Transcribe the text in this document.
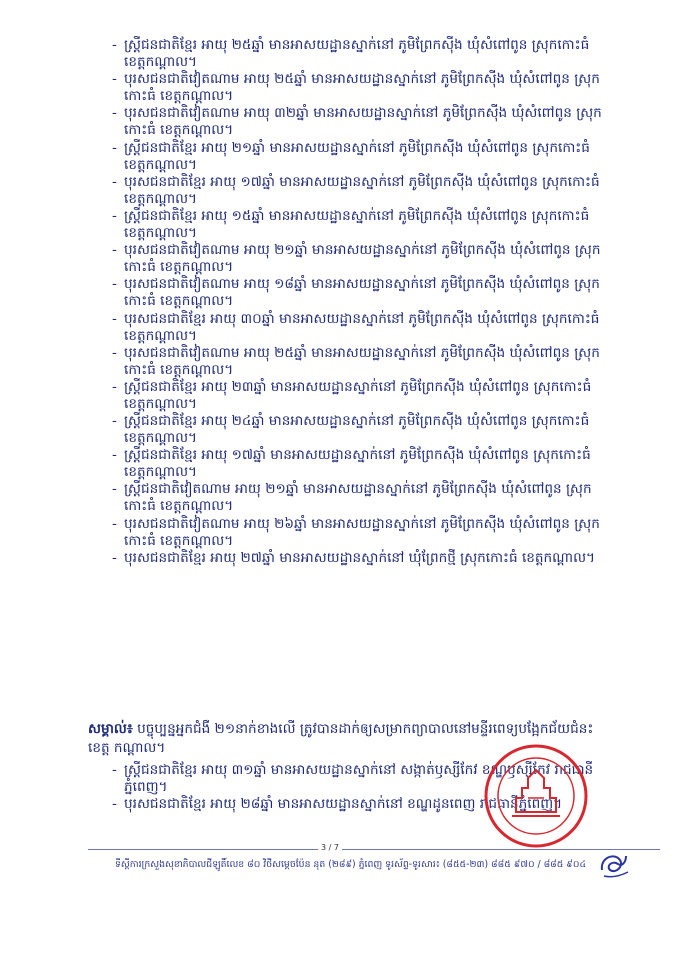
- ស្ត្រីជនជាតិខ្មែរ អាយុ ២៥ឆ្នាំ មានអាសយដ្ឋានស្នាក់នៅ ភូមិព្រែកស៊ីង ឃុំសំពៅពូន ស្រុកកោះធំ
ខេត្តកណ្ដាល។
- បុរសជនជាតិវៀតណាម អាយុ ២៥ឆ្នាំ មានអាសយដ្ឋានស្នាក់នៅ ភូមិព្រែកស៊ីង ឃុំសំពៅពូន ស្រុក
កោះធំ ខេត្តកណ្ដាល។
- បុរសជនជាតិវៀតណាម អាយុ ៣២ឆ្នាំ មានអាសយដ្ឋានស្នាក់នៅ ភូមិព្រែកស៊ីង ឃុំសំពៅពូន ស្រុក
កោះធំ ខេត្តកណ្ដាល។
- ស្ត្រីជនជាតិខ្មែរ អាយុ ២១ឆ្នាំ មានអាសយដ្ឋានស្នាក់នៅ ភូមិព្រែកស៊ីង ឃុំសំពៅពូន ស្រុកកោះធំ
ខេត្តកណ្ដាល។
- បុរសជនជាតិខ្មែរ អាយុ ១៧ឆ្នាំ មានអាសយដ្ឋានស្នាក់នៅ ភូមិព្រែកស៊ីង ឃុំសំពៅពូន ស្រុកកោះធំ
ខេត្តកណ្ដាល។
- ស្ត្រីជនជាតិខ្មែរ អាយុ ១៥ឆ្នាំ មានអាសយដ្ឋានស្នាក់នៅ ភូមិព្រែកស៊ីង ឃុំសំពៅពូន ស្រុកកោះធំ
ខេត្តកណ្ដាល។
- បុរសជនជាតិវៀតណាម អាយុ ២១ឆ្នាំ មានអាសយដ្ឋានស្នាក់នៅ ភូមិព្រែកស៊ីង ឃុំសំពៅពូន ស្រុក
កោះធំ ខេត្តកណ្ដាល។
- បុរសជនជាតិវៀតណាម អាយុ ១៨ឆ្នាំ មានអាសយដ្ឋានស្នាក់នៅ ភូមិព្រែកស៊ីង ឃុំសំពៅពូន ស្រុក
កោះធំ ខេត្តកណ្ដាល។
- បុរសជនជាតិខ្មែរ អាយុ ៣០ឆ្នាំ មានអាសយដ្ឋានស្នាក់នៅ ភូមិព្រែកស៊ីង ឃុំសំពៅពូន ស្រុកកោះធំ
ខេត្តកណ្ដាល។
- បុរសជនជាតិវៀតណាម អាយុ ២៥ឆ្នាំ មានអាសយដ្ឋានស្នាក់នៅ ភូមិព្រែកស៊ីង ឃុំសំពៅពូន ស្រុក
កោះធំ ខេត្តកណ្ដាល។
- ស្ត្រីជនជាតិខ្មែរ អាយុ ២៣ឆ្នាំ មានអាសយដ្ឋានស្នាក់នៅ ភូមិព្រែកស៊ីង ឃុំសំពៅពូន ស្រុកកោះធំ
ខេត្តកណ្ដាល។
- ស្ត្រីជនជាតិខ្មែរ អាយុ ២៤ឆ្នាំ មានអាសយដ្ឋានស្នាក់នៅ ភូមិព្រែកស៊ីង ឃុំសំពៅពូន ស្រុកកោះធំ
ខេត្តកណ្ដាល។
- ស្ត្រីជនជាតិខ្មែរ អាយុ ១៧ឆ្នាំ មានអាសយដ្ឋានស្នាក់នៅ ភូមិព្រែកស៊ីង ឃុំសំពៅពូន ស្រុកកោះធំ
ខេត្តកណ្ដាល។
- ស្ត្រីជនជាតិវៀតណាម អាយុ ២១ឆ្នាំ មានអាសយដ្ឋានស្នាក់នៅ ភូមិព្រែកស៊ីង ឃុំសំពៅពូន ស្រុក
កោះធំ ខេត្តកណ្ដាល។
- បុរសជនជាតិវៀតណាម អាយុ ២៦ឆ្នាំ មានអាសយដ្ឋានស្នាក់នៅ ភូមិព្រែកស៊ីង ឃុំសំពៅពូន ស្រុក
កោះធំ ខេត្តកណ្ដាល។
- បុរសជនជាតិខ្មែរ អាយុ ២៧ឆ្នាំ មានអាសយដ្ឋានស្នាក់នៅ ឃុំព្រែកថ្មី ស្រុកកោះធំ ខេត្តកណ្ដាល។
សម្គាល់៖ បច្ចុប្បន្នអ្នកជំងឺ ២១នាក់ខាងលើ ត្រូវបានដាក់ឲ្យសម្រាកព្យាបាលនៅមន្ទីរពេទ្យបង្អែកជ័យជំនះ
ខេត្ត កណ្ដាល។
- ស្ត្រីជនជាតិខ្មែរ អាយុ ៣១ឆ្នាំ មានអាសយដ្ឋានស្នាក់នៅ សង្កាត់ឫស្សីកែវ ខណ្ឌឫស្សីកែវ រាជធានី
ភ្នំពេញ។
- បុរសជនជាតិខ្មែរ អាយុ ២៨ឆ្នាំ មានអាសយដ្ឋានស្នាក់នៅ ខណ្ឌដូនពេញ រាជធានីភ្នំពេញ។
3 / 7
ទីស្តីការក្រសួងសុខាភិបាលជីឡូតិ៍លេខ ៨០ វិថីសម្តេចប៉ែន នុត (២៨៩) ភ្នំពេញ ទូរស័ព្ទ-ទូរសារ៖ (៨៥៥-២៣) ៨៨៥ ៩៧០ / ៨៨៥ ៩០៤
